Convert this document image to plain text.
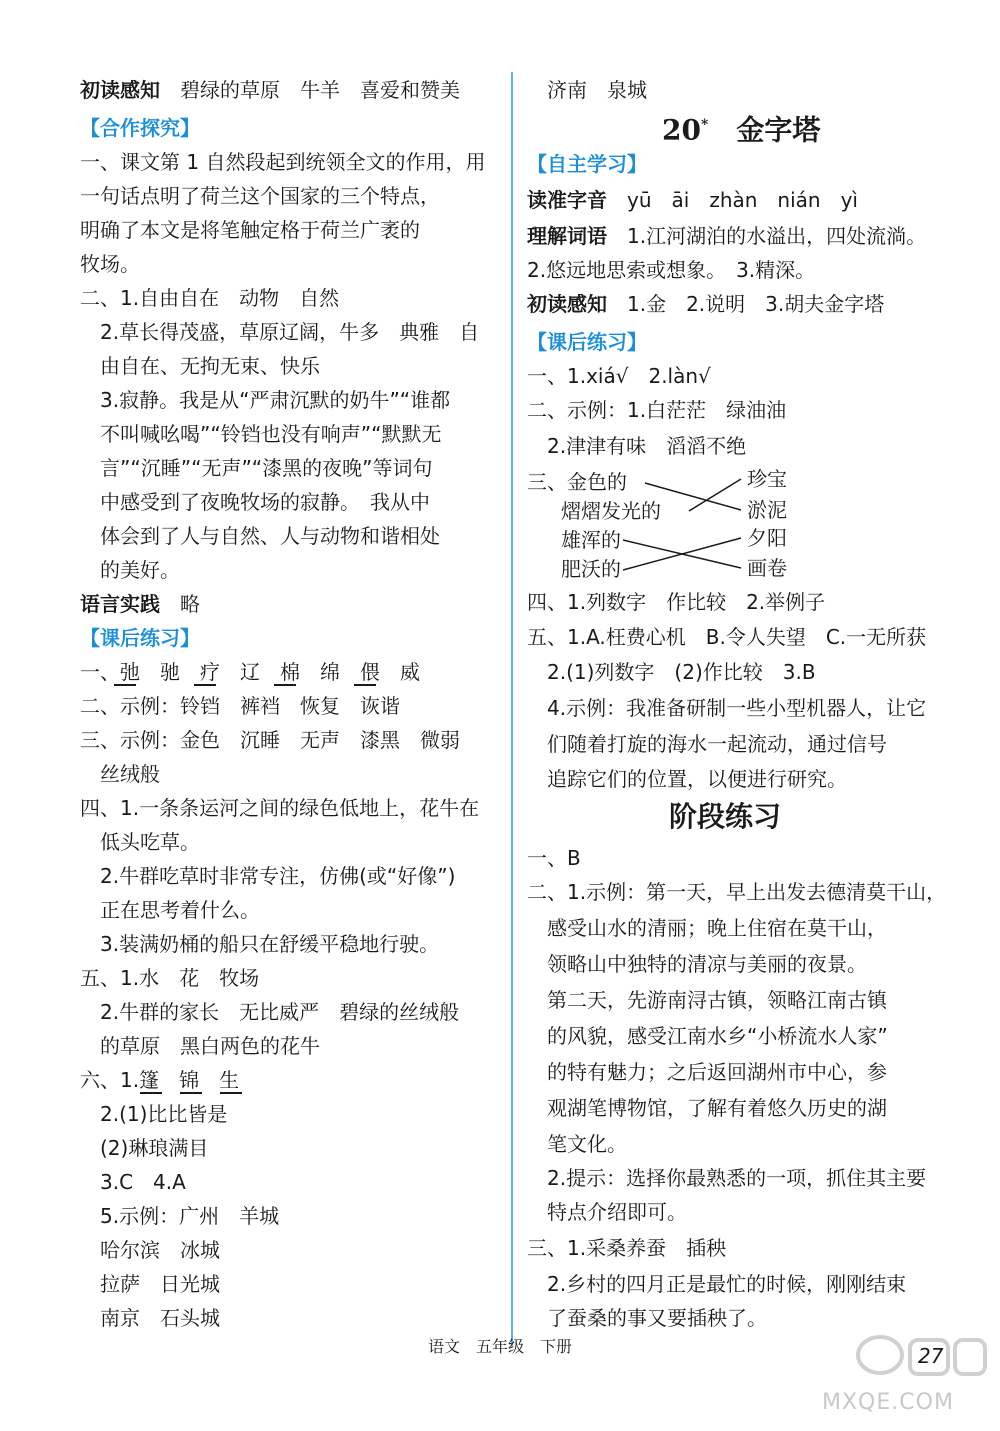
初读感知　碧绿的草原　牛羊　喜爱和赞美
【合作探究】
一、课文第 1 自然段起到统领全文的作用，用
一句话点明了荷兰这个国家的三个特点，
明确了本文是将笔触定格于荷兰广袤的
牧场。
二、1.自由自在　动物　自然
　2.草长得茂盛，草原辽阔，牛多　典雅　自
　由自在、无拘无束、快乐
　3.寂静。我是从“严肃沉默的奶牛”“谁都
　不叫喊吆喝”“铃铛也没有响声”“默默无
　言”“沉睡”“无声”“漆黑的夜晚”等词句
　中感受到了夜晚牧场的寂静。　我从中
　体会到了人与自然、人与动物和谐相处
　的美好。
语言实践　略
【课后练习】
一、弛　驰　疗　辽　棉　绵　偎　威
二、示例：铃铛　裤裆　恢复　诙谐
三、示例：金色　沉睡　无声　漆黑　微弱
　丝绒般
四、1.一条条运河之间的绿色低地上，花牛在
　低头吃草。
　2.牛群吃草时非常专注，仿佛(或“好像”)
　正在思考着什么。
　3.装满奶桶的船只在舒缓平稳地行驶。
五、1.水　花　牧场
　2.牛群的家长　无比威严　碧绿的丝绒般
　的草原　黑白两色的花牛
六、1.篷　锦　生
　2.(1)比比皆是
　(2)琳琅满目
　3.C　4.A
　5.示例：广州　羊城
　哈尔滨　冰城
　拉萨　日光城
　南京　石头城
　济南　泉城
20*　 金字塔
【自主学习】
读准字音　 yū　āi　zhàn　nián　yì
理解词语　 1.江河湖泊的水溢出，四处流淌。
2.悠远地思索或想象。　3.精深。
初读感知　 1.金　2.说明　3.胡夫金字塔
【课后练习】
一、1.xiá√　2.làn√
二、示例：1.白茫茫　绿油油
　2.津津有味　滔滔不绝
三、金色的
熠熠发光的
雄浑的
肥沃的
珍宝
淤泥
夕阳
画卷
四、1.列数字　作比较　2.举例子
五、1.A.枉费心机　B.令人失望　C.一无所获
　2.(1)列数字　(2)作比较　3.B
　4.示例：我准备研制一些小型机器人，让它
　们随着打旋的海水一起流动，通过信号
　追踪它们的位置，以便进行研究。
阶段练习
一、B
二、1.示例：第一天，早上出发去德清莫干山，
　感受山水的清丽；晚上住宿在莫干山，
　领略山中独特的清凉与美丽的夜景。
　第二天，先游南浔古镇，领略江南古镇
　的风貌，感受江南水乡“小桥流水人家”
　的特有魅力；之后返回湖州市中心，参
　观湖笔博物馆，了解有着悠久历史的湖
　笔文化。
　2.提示：选择你最熟悉的一项，抓住其主要
　特点介绍即可。
三、1.采桑养蚕　插秧
　2.乡村的四月正是最忙的时候，刚刚结束
　了蚕桑的事又要插秧了。
语文　五年级　下册	27
MXQE.COM
